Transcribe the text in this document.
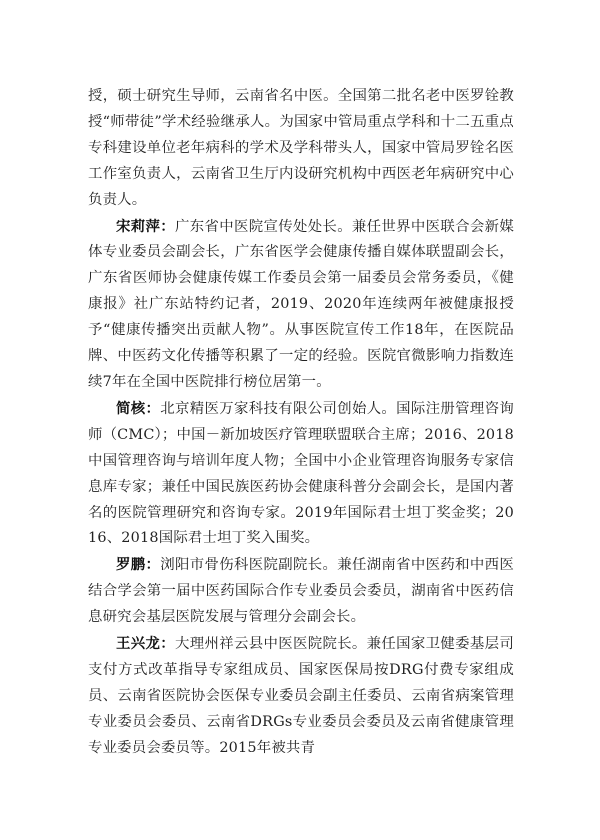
授，硕士研究生导师，云南省名中医。全国第二批名老中医罗铨教授“师带徒”学术经验继承人。为国家中管局重点学科和十二五重点专科建设单位老年病科的学术及学科带头人，国家中管局罗铨名医工作室负责人，云南省卫生厅内设研究机构中西医老年病研究中心负责人。

宋莉萍：广东省中医院宣传处处长。兼任世界中医联合会新媒体专业委员会副会长，广东省医学会健康传播自媒体联盟副会长，广东省医师协会健康传媒工作委员会第一届委员会常务委员，《健康报》社广东站特约记者，2019、2020年连续两年被健康报授予“健康传播突出贡献人物”。从事医院宣传工作18年，在医院品牌、中医药文化传播等积累了一定的经验。医院官微影响力指数连续7年在全国中医院排行榜位居第一。

简核：北京精医万家科技有限公司创始人。国际注册管理咨询师（CMC）；中国－新加坡医疗管理联盟联合主席；2016、2018中国管理咨询与培训年度人物；全国中小企业管理咨询服务专家信息库专家；兼任中国民族医药协会健康科普分会副会长，是国内著名的医院管理研究和咨询专家。2019年国际君士坦丁奖金奖；2016、2018国际君士坦丁奖入围奖。

罗鹏：浏阳市骨伤科医院副院长。兼任湖南省中医药和中西医结合学会第一届中医药国际合作专业委员会委员，湖南省中医药信息研究会基层医院发展与管理分会副会长。

王兴龙：大理州祥云县中医医院院长。兼任国家卫健委基层司支付方式改革指导专家组成员、国家医保局按DRG付费专家组成员、云南省医院协会医保专业委员会副主任委员、云南省病案管理专业委员会委员、云南省DRGs专业委员会委员及云南省健康管理专业委员会委员等。2015年被共青
